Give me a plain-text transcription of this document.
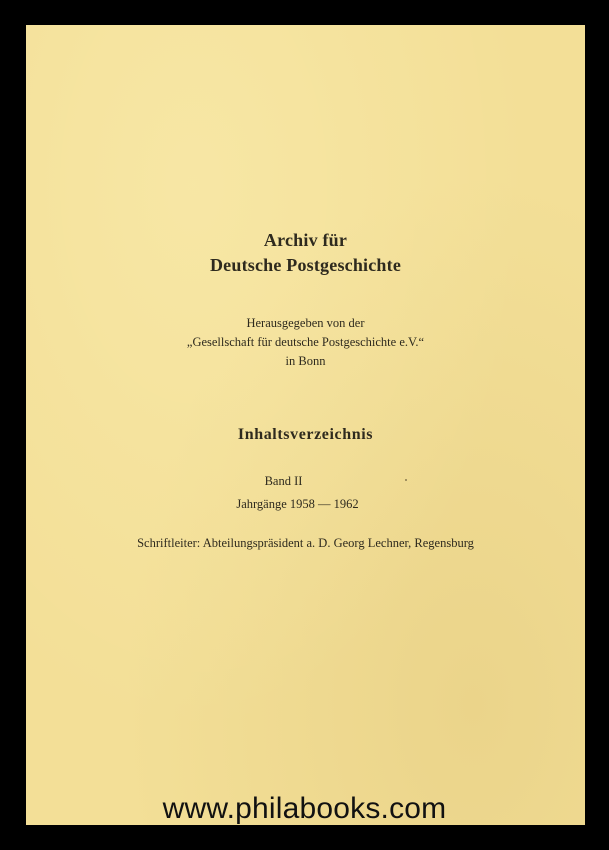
Archiv für

Deutsche Postgeschichte

Herausgegeben von der

„Gesellschaft für deutsche Postgeschichte e.V.“

in Bonn

Inhaltsverzeichnis

Band II

Jahrgänge 1958 — 1962

Schriftleiter: Abteilungspräsident a. D. Georg Lechner, Regensburg

www.philabooks.com
